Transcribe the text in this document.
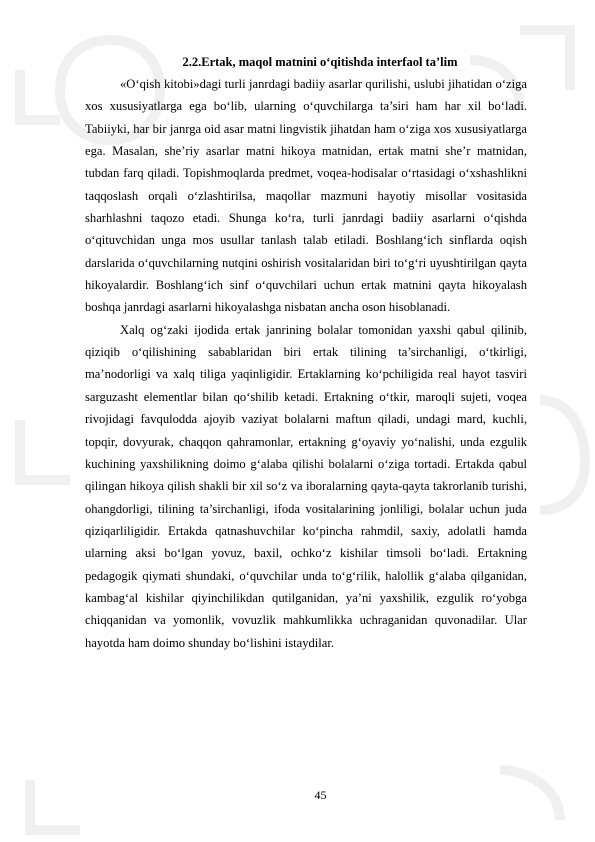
2.2.Ertak, maqol matnini o‘qitishda interfaol ta’lim

«O‘qish kitobi»dagi turli janrdagi badiiy asarlar qurilishi, uslubi jihatidan o‘ziga xos xususiyatlarga ega bo‘lib, ularning o‘quvchilarga ta’siri ham har xil bo‘ladi. Tabiiyki, har bir janrga oid asar matni lingvistik jihatdan ham o‘ziga xos xususiyatlarga ega. Masalan, she’riy asarlar matni hikoya matnidan, ertak matni she’r matnidan, tubdan farq qiladi. Topishmoqlarda predmet, voqea-hodisalar o‘rtasidagi o‘xshashlikni taqqoslash orqali o‘zlashtirilsa, maqollar mazmuni hayotiy misollar vositasida sharhlashni taqozo etadi. Shunga ko‘ra, turli janrdagi badiiy asarlarni o‘qishda o‘qituvchidan unga mos usullar tanlash talab etiladi. Boshlang‘ich sinflarda oqish darslarida o‘quvchilarning nutqini oshirish vositalaridan biri to‘g‘ri uyushtirilgan qayta hikoyalardir. Boshlang‘ich sinf o‘quvchilari uchun ertak matnini qayta hikoyalash boshqa janrdagi asarlarni hikoyalashga nisbatan ancha oson hisoblanadi.

Xalq og‘zaki ijodida ertak janrining bolalar tomonidan yaxshi qabul qilinib, qiziqib o‘qilishining sabablaridan biri ertak tilining ta’sirchanligi, o‘tkirligi, ma’nodorligi va xalq tiliga yaqinligidir. Ertaklarning ko‘pchiligida real hayot tasviri sarguzasht elementlar bilan qo‘shilib ketadi. Ertakning o‘tkir, maroqli sujeti, voqea rivojidagi favqulodda ajoyib vaziyat bolalarni maftun qiladi, undagi mard, kuchli, topqir, dovyurak, chaqqon qahramonlar, ertakning g‘oyaviy yo‘nalishi, unda ezgulik kuchining yaxshilikning doimo g‘alaba qilishi bolalarni o‘ziga tortadi. Ertakda qabul qilingan hikoya qilish shakli bir xil so‘z va iboralarning qayta-qayta takrorlanib turishi, ohangdorligi, tilining ta’sirchanligi, ifoda vositalarining jonliligi, bolalar uchun juda qiziqarliligidir. Ertakda qatnashuvchilar ko‘pincha rahmdil, saxiy, adolatli hamda ularning aksi bo‘lgan yovuz, baxil, ochko‘z kishilar timsoli bo‘ladi. Ertakning pedagogik qiymati shundaki, o‘quvchilar unda to‘g‘rilik, halollik g‘alaba qilganidan, kambag‘al kishilar qiyinchilikdan qutilganidan, ya’ni yaxshilik, ezgulik ro‘yobga chiqqanidan va yomonlik, vovuzlik mahkumlikka uchraganidan quvonadilar. Ular hayotda ham doimo shunday bo‘lishini istaydilar.

45
